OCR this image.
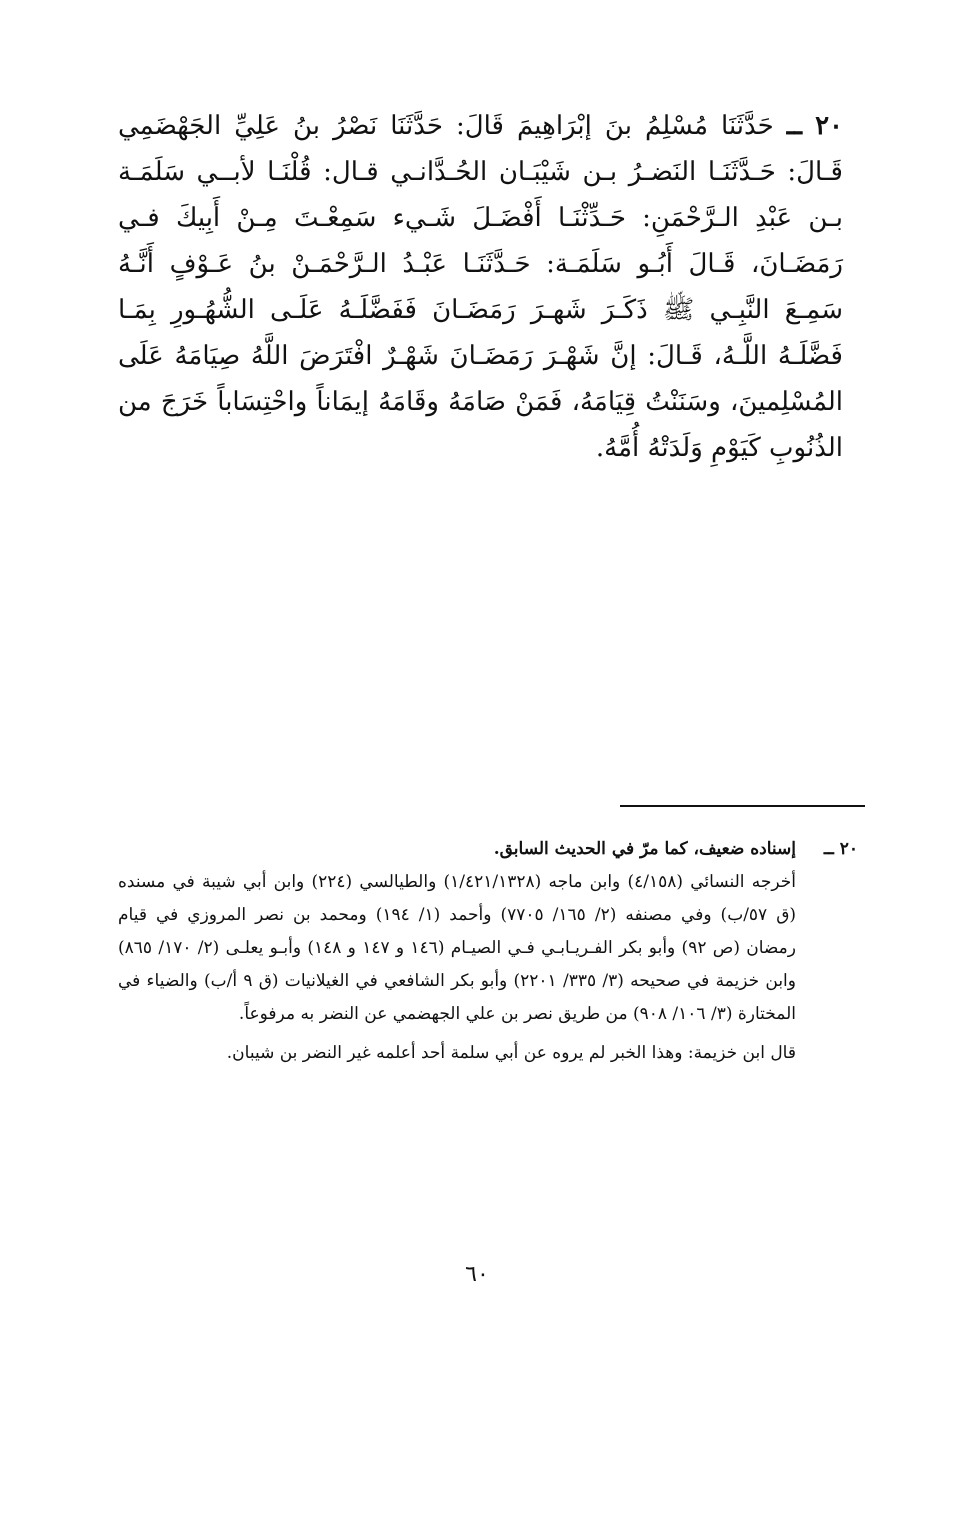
٢٠ ــ حَدَّثَنَا مُسْلِمُ بنَ إبْرَاهِيمَ قَالَ: حَدَّثَنَا نَصْرُ بنُ عَلِيِّ الجَهْضَمِي قَـالَ: حَـدَّثَنَـا النَضـرُ بـن شَيْبَـان الحُـدَّانـي قـال: قُلْنَـا لأبــي سَلَمَـة بـن عَبْدِ الـرَّحْمَنِ: حَـدِّثْنَـا أَفْضَـلَ شَـيء سَمِعْـتَ مِـنْ أَبِيكَ فـي رَمَضَـانَ، قَـالَ أَبُـو سَلَمَـة: حَـدَّثَنَـا عَبْـدُ الـرَّحْمَـنْ بنُ عَـوْفٍ أَنَّـهُ سَمِـعَ النَّبِـي ﷺ ذَكَـرَ شَهـرَ رَمَضَـانَ فَفَضَّلَـهُ عَلَـى الشُّهُـورِ بِمَـا فَضَّلَـهُ اللَّـهُ، قَـالَ: إنَّ شَهْـرَ رَمَضَـانَ شَهْـرٌ افْتَرَضَ اللَّهُ صِيَامَهُ عَلَى المُسْلِمينَ، وسَنَنْتُ قِيَامَهُ، فَمَنْ صَامَهُ وقَامَهُ إيمَاناً واحْتِسَاباً خَرَجَ من الذُنُوبِ كَيَوْمِ وَلَدَتْهُ أُمَّهُ.
٢٠ ــ

إسناده ضعيف، كما مرّ في الحديث السابق.

أخرجه النسائي (٤/١٥٨) وابن ماجه (١/٤٢١/١٣٢٨) والطيالسي (٢٢٤) وابن أبي شيبة في مسنده (ق ٥٧/ب) وفي مصنفه (٢/ ١٦٥/ ٧٧٠٥) وأحمد (١/ ١٩٤) ومحمد بن نصر المروزي في قيام رمضان (ص ٩٢) وأبو بكر الفـريـابـي فـي الصيـام (١٤٦ و ١٤٧ و ١٤٨) وأبـو يعلـى (٢/ ١٧٠/ ٨٦٥) وابن خزيمة في صحيحه (٣/ ٣٣٥/ ٢٢٠١) وأبو بكر الشافعي في الغيلانيات (ق ٩ أ/ب) والضياء في المختارة (٣/ ١٠٦/ ٩٠٨) من طريق نصر بن علي الجهضمي عن النضر به مرفوعاً.

قال ابن خزيمة: وهذا الخبر لم يروه عن أبي سلمة أحد أعلمه غير النضر بن شيبان.

٦٠
